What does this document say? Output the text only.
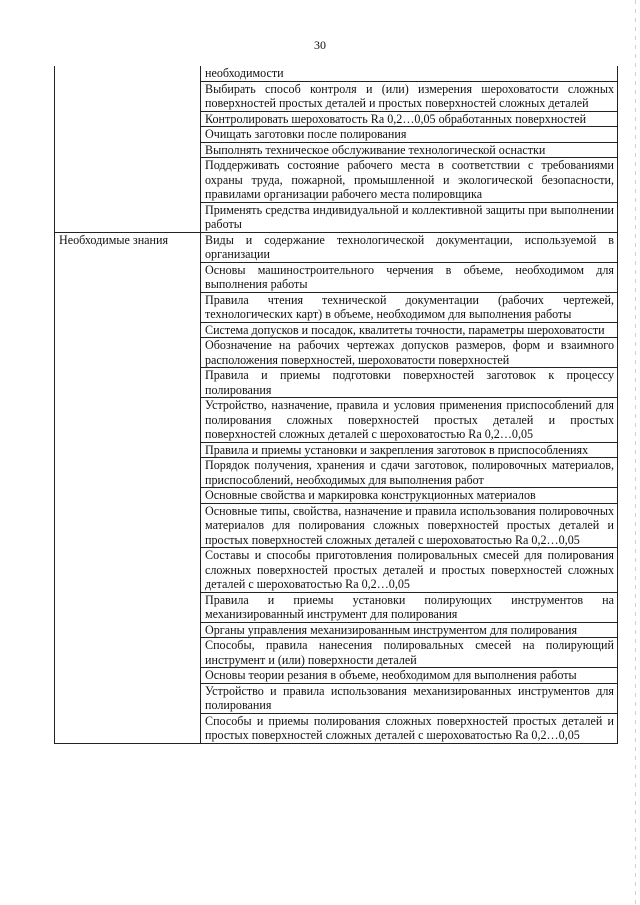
30
	необходимости
	Выбирать способ контроля и (или) измерения шероховатости сложных поверхностей простых деталей и простых поверхностей сложных деталей
	Контролировать шероховатость Ra 0,2…0,05 обработанных поверхностей
	Очищать заготовки после полирования
	Выполнять техническое обслуживание технологической оснастки
	Поддерживать состояние рабочего места в соответствии с требованиями охраны труда, пожарной, промышленной и экологической безопасности, правилами организации рабочего места полировщика
	Применять средства индивидуальной и коллективной защиты при выполнении работы
Необходимые знания	Виды и содержание технологической документации, используемой в организации
	Основы машиностроительного черчения в объеме, необходимом для выполнения работы
	Правила чтения технической документации (рабочих чертежей, технологических карт) в объеме, необходимом для выполнения работы
	Система допусков и посадок, квалитеты точности, параметры шероховатости
	Обозначение на рабочих чертежах допусков размеров, форм и взаимного расположения поверхностей, шероховатости поверхностей
	Правила и приемы подготовки поверхностей заготовок к процессу полирования
	Устройство, назначение, правила и условия применения приспособлений для полирования сложных поверхностей простых деталей и простых поверхностей сложных деталей с шероховатостью Ra 0,2…0,05
	Правила и приемы установки и закрепления заготовок в приспособлениях
	Порядок получения, хранения и сдачи заготовок, полировочных материалов, приспособлений, необходимых для выполнения работ
	Основные свойства и маркировка конструкционных материалов
	Основные типы, свойства, назначение и правила использования полировочных материалов для полирования сложных поверхностей простых деталей и простых поверхностей сложных деталей с шероховатостью Ra 0,2…0,05
	Составы и способы приготовления полировальных смесей для полирования сложных поверхностей простых деталей и простых поверхностей сложных деталей с шероховатостью Ra 0,2…0,05
	Правила и приемы установки полирующих инструментов на механизированный инструмент для полирования
	Органы управления механизированным инструментом для полирования
	Способы, правила нанесения полировальных смесей на полирующий инструмент и (или) поверхности деталей
	Основы теории резания в объеме, необходимом для выполнения работы
	Устройство и правила использования механизированных инструментов для полирования
	Способы и приемы полирования сложных поверхностей простых деталей и простых поверхностей сложных деталей с шероховатостью Ra 0,2…0,05
